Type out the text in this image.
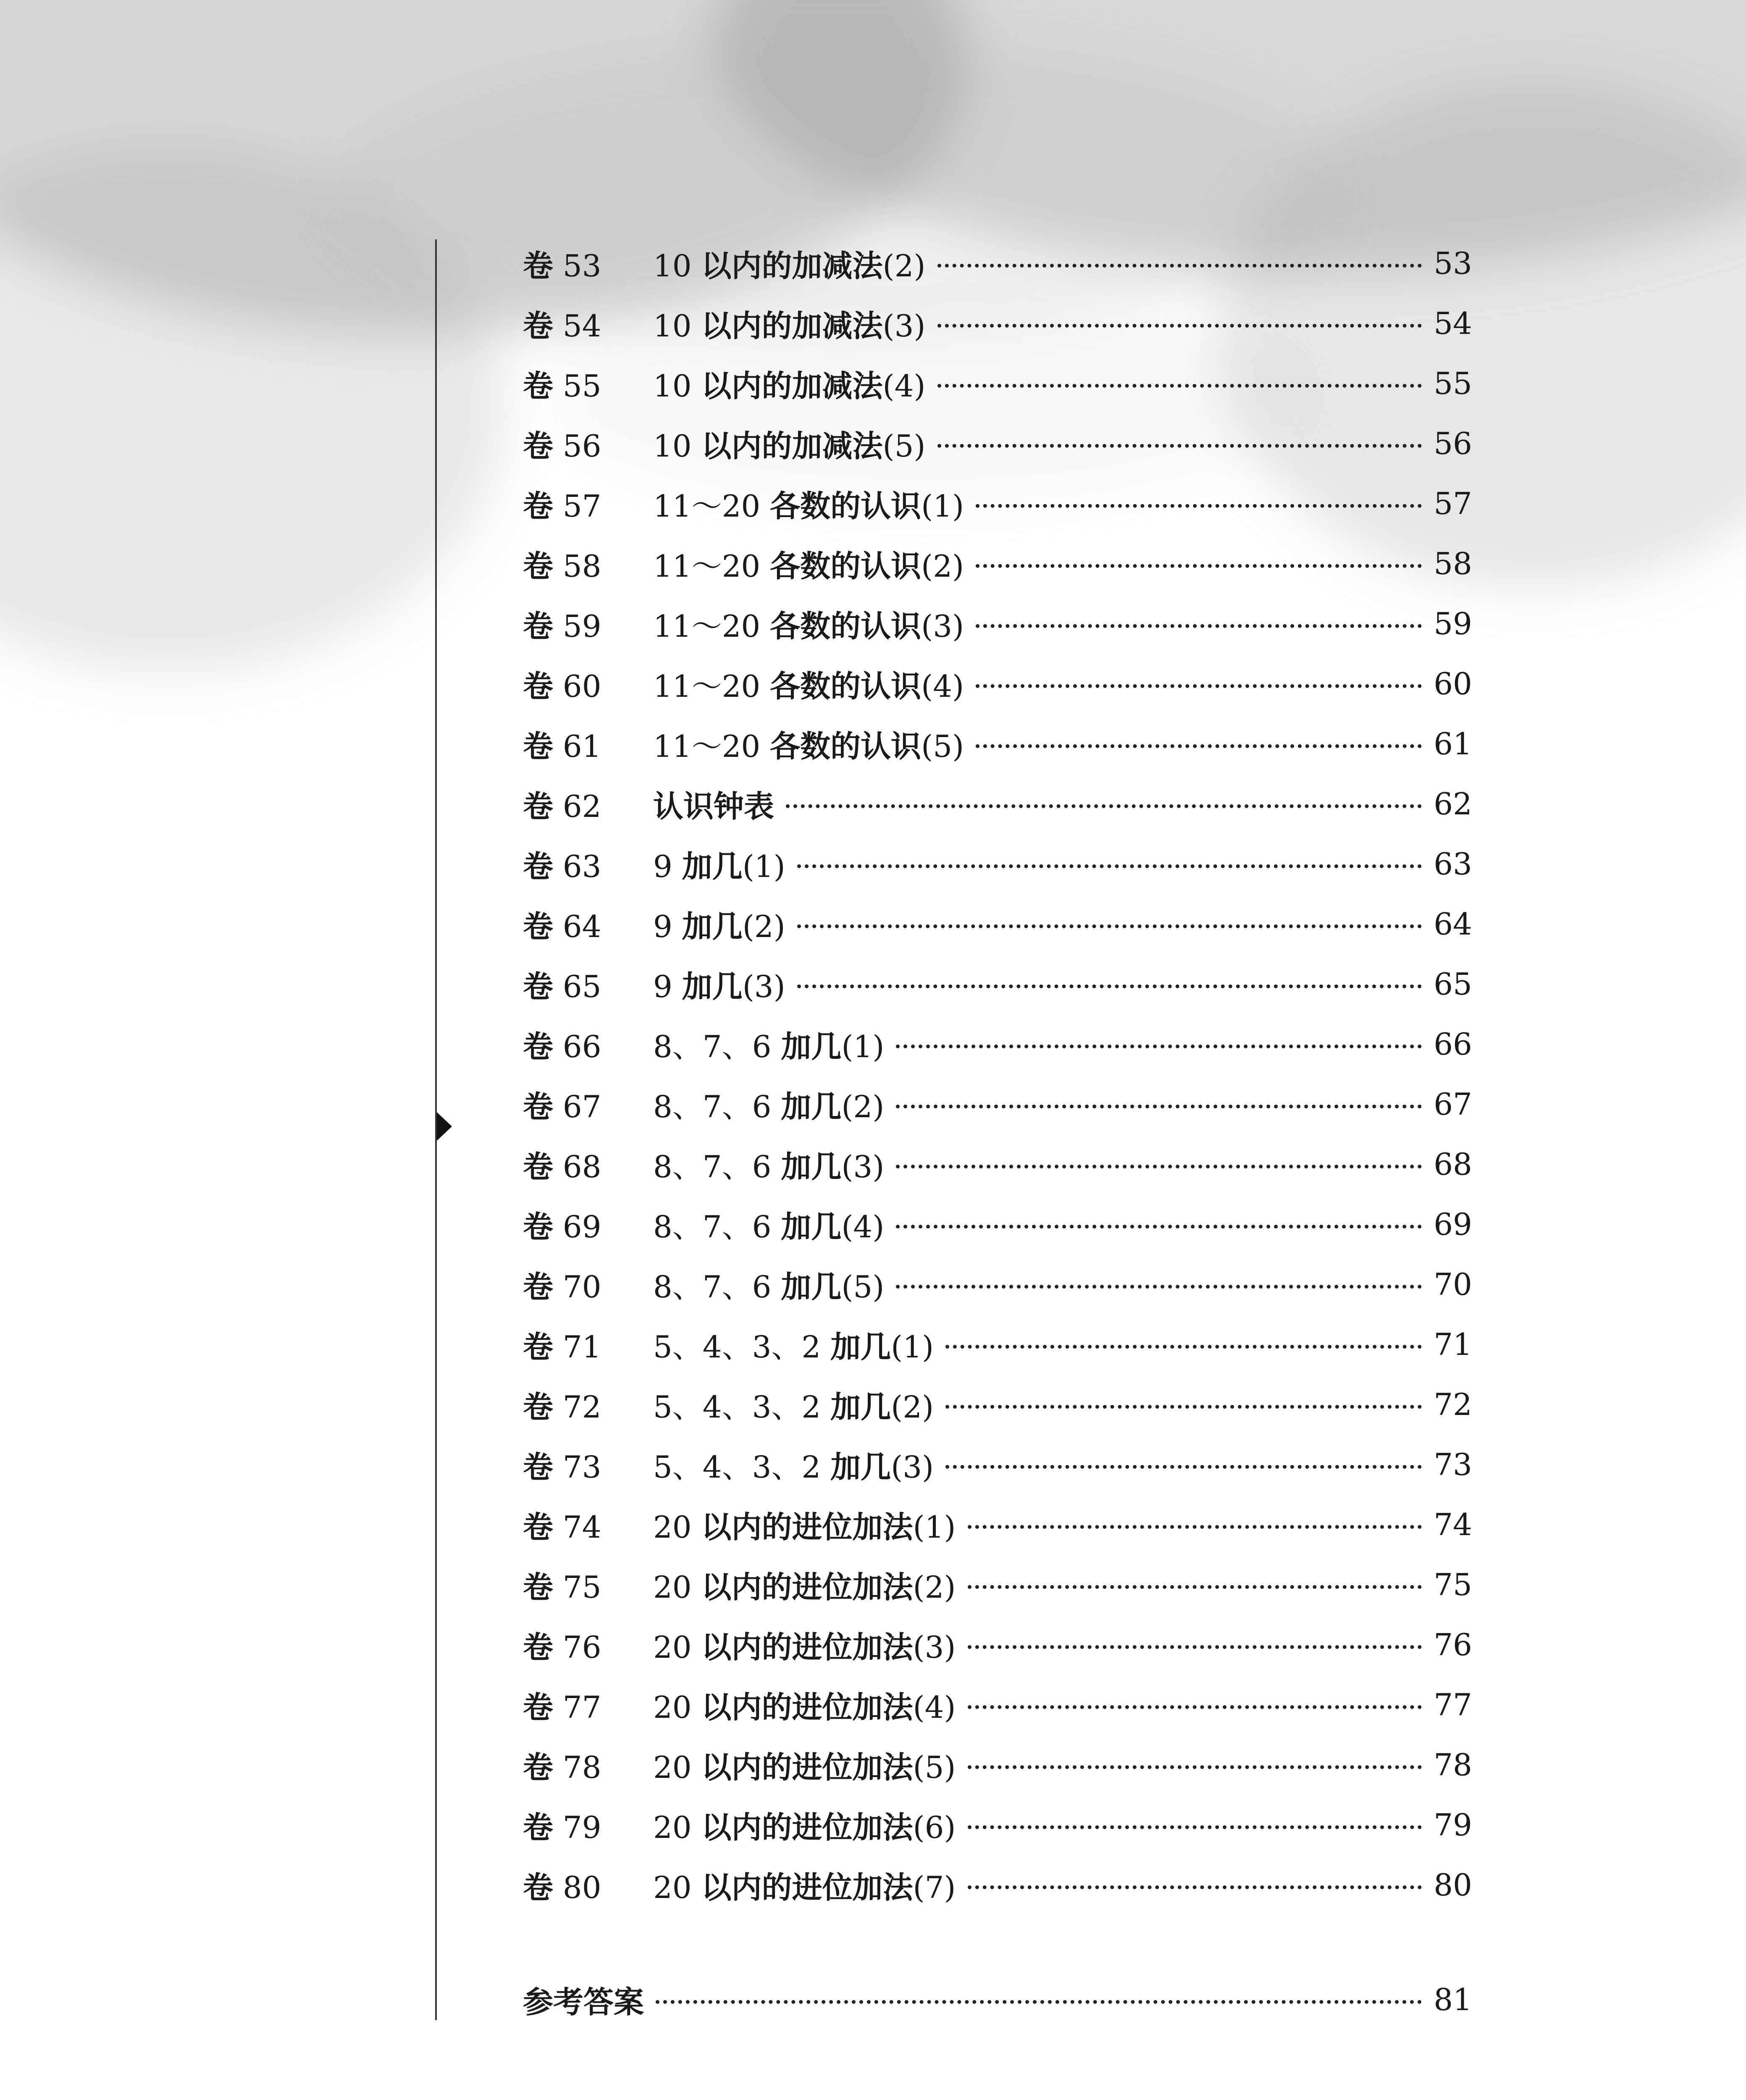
卷 53	10 以内的加减法(2)	53
卷 54	10 以内的加减法(3)	54
卷 55	10 以内的加减法(4)	55
卷 56	10 以内的加减法(5)	56
卷 57	11～20 各数的认识(1)	57
卷 58	11～20 各数的认识(2)	58
卷 59	11～20 各数的认识(3)	59
卷 60	11～20 各数的认识(4)	60
卷 61	11～20 各数的认识(5)	61
卷 62	认识钟表	62
卷 63	9 加几(1)	63
卷 64	9 加几(2)	64
卷 65	9 加几(3)	65
卷 66	8、7、6 加几(1)	66
卷 67	8、7、6 加几(2)	67
卷 68	8、7、6 加几(3)	68
卷 69	8、7、6 加几(4)	69
卷 70	8、7、6 加几(5)	70
卷 71	5、4、3、2 加几(1)	71
卷 72	5、4、3、2 加几(2)	72
卷 73	5、4、3、2 加几(3)	73
卷 74	20 以内的进位加法(1)	74
卷 75	20 以内的进位加法(2)	75
卷 76	20 以内的进位加法(3)	76
卷 77	20 以内的进位加法(4)	77
卷 78	20 以内的进位加法(5)	78
卷 79	20 以内的进位加法(6)	79
卷 80	20 以内的进位加法(7)	80
参考答案	81
